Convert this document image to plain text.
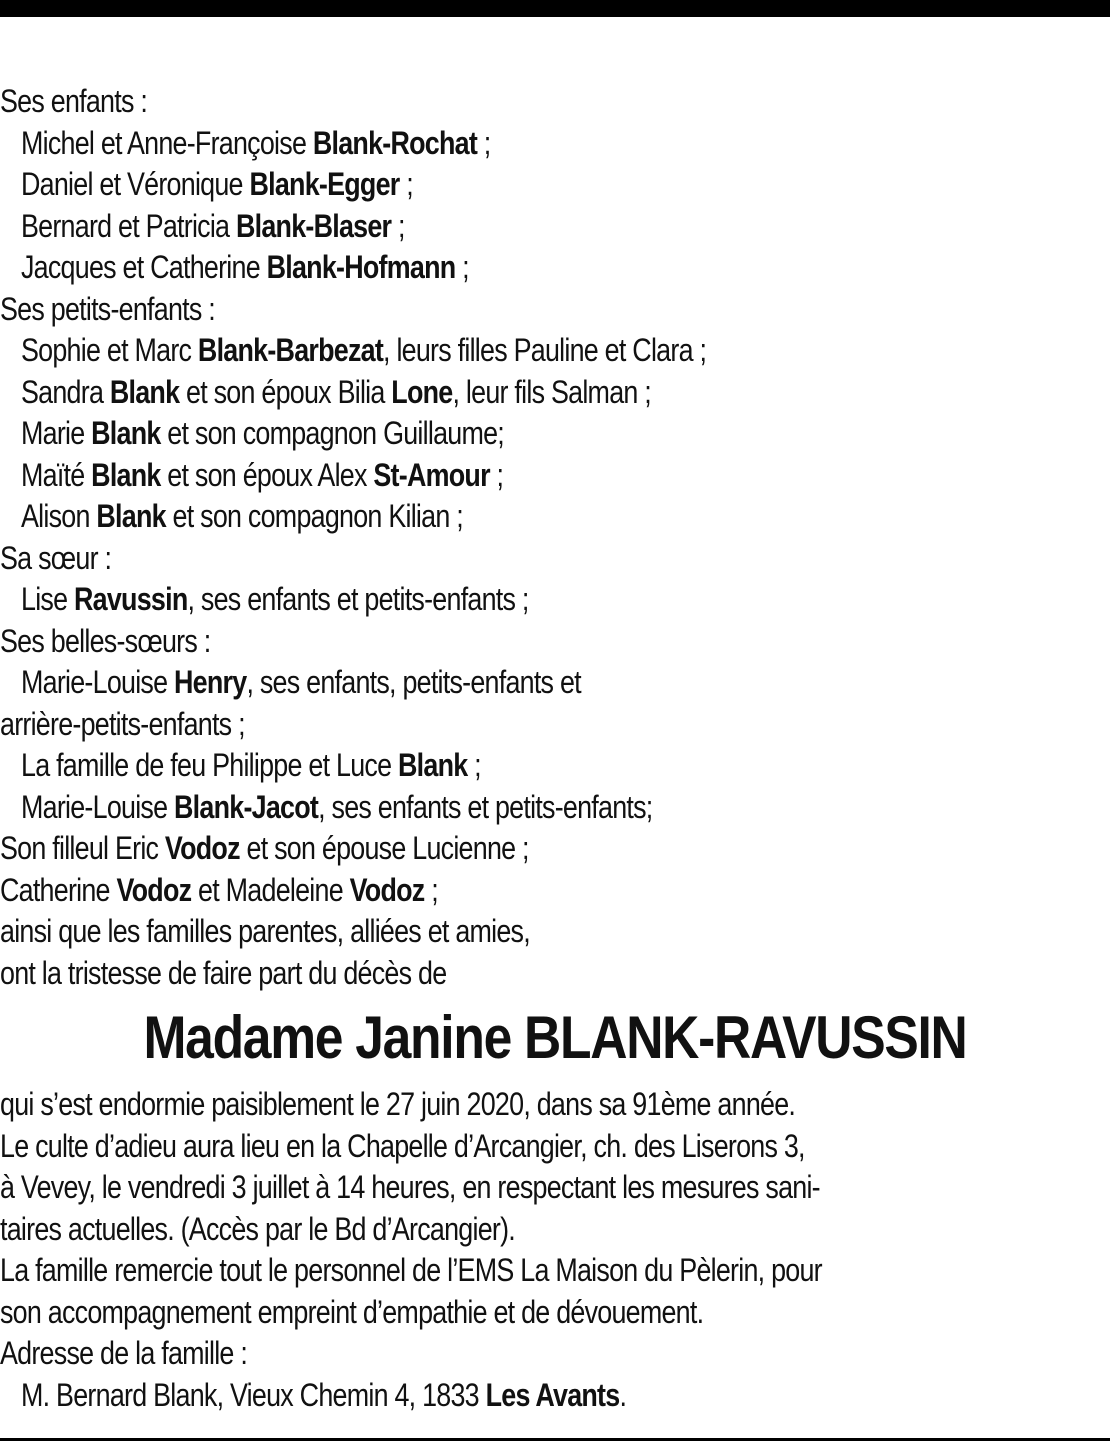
Ses enfants :
Michel et Anne-Françoise Blank-Rochat ;
Daniel et Véronique Blank-Egger ;
Bernard et Patricia Blank-Blaser ;
Jacques et Catherine Blank-Hofmann ;
Ses petits-enfants :
Sophie et Marc Blank-Barbezat, leurs filles Pauline et Clara ;
Sandra Blank et son époux Bilia Lone, leur fils Salman ;
Marie Blank et son compagnon Guillaume;
Maïté Blank et son époux Alex St-Amour ;
Alison Blank et son compagnon Kilian ;
Sa sœur :
Lise Ravussin, ses enfants et petits-enfants ;
Ses belles-sœurs :
Marie-Louise Henry, ses enfants, petits-enfants et
arrière-petits-enfants ;
La famille de feu Philippe et Luce Blank ;
Marie-Louise Blank-Jacot, ses enfants et petits-enfants;
Son filleul Eric Vodoz et son épouse Lucienne ;
Catherine Vodoz et Madeleine Vodoz ;
ainsi que les familles parentes, alliées et amies,
ont la tristesse de faire part du décès de
Madame Janine BLANK-RAVUSSIN
qui s’est endormie paisiblement le 27 juin 2020, dans sa 91ème année.
Le culte d’adieu aura lieu en la Chapelle d’Arcangier, ch. des Liserons 3,
à Vevey, le vendredi 3 juillet à 14 heures, en respectant les mesures sani-
taires actuelles. (Accès par le Bd d’Arcangier).
La famille remercie tout le personnel de l’EMS La Maison du Pèlerin, pour
son accompagnement empreint d’empathie et de dévouement.
Adresse de la famille :
M. Bernard Blank, Vieux Chemin 4, 1833 Les Avants.
